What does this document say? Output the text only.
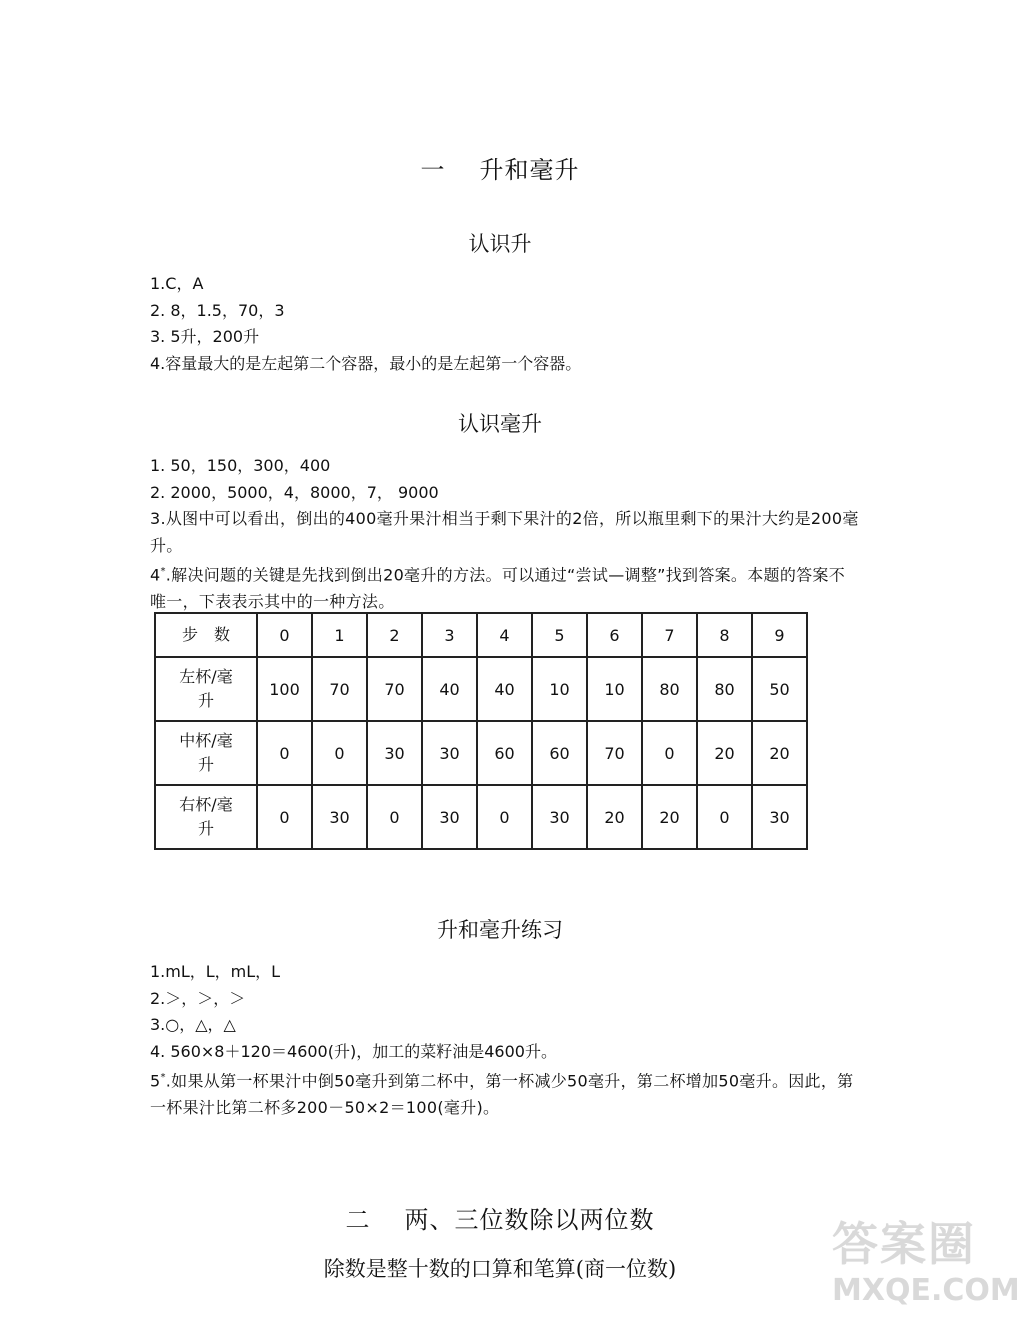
一 升和毫升
认识升
1.C，A
2. 8，1.5，70，3
3. 5升，200升
4.容量最大的是左起第二个容器，最小的是左起第一个容器。
认识毫升
1. 50，150，300，400
2. 2000，5000，4，8000，7， 9000
3.从图中可以看出，倒出的400毫升果汁相当于剩下果汁的2倍，所以瓶里剩下的果汁大约是200毫升。
4*.解决问题的关键是先找到倒出20毫升的方法。可以通过“尝试—调整”找到答案。本题的答案不唯一，下表表示其中的一种方法。
步　数	0	1	2	3	4	5	6	7	8	9
左杯/毫升	100	70	70	40	40	10	10	80	80	50
中杯/毫升	0	0	30	30	60	60	70	0	20	20
右杯/毫升	0	30	0	30	0	30	20	20	0	30
升和毫升练习
1.mL，L，mL，L
2.＞，＞，＞
3.○，△，△
4. 560×8＋120＝4600(升)，加工的菜籽油是4600升。
5*.如果从第一杯果汁中倒50毫升到第二杯中，第一杯减少50毫升，第二杯增加50毫升。因此，第一杯果汁比第二杯多200－50×2＝100(毫升)。
二 两、三位数除以两位数
除数是整十数的口算和笔算(商一位数)	答案圈
MXQE.COM
